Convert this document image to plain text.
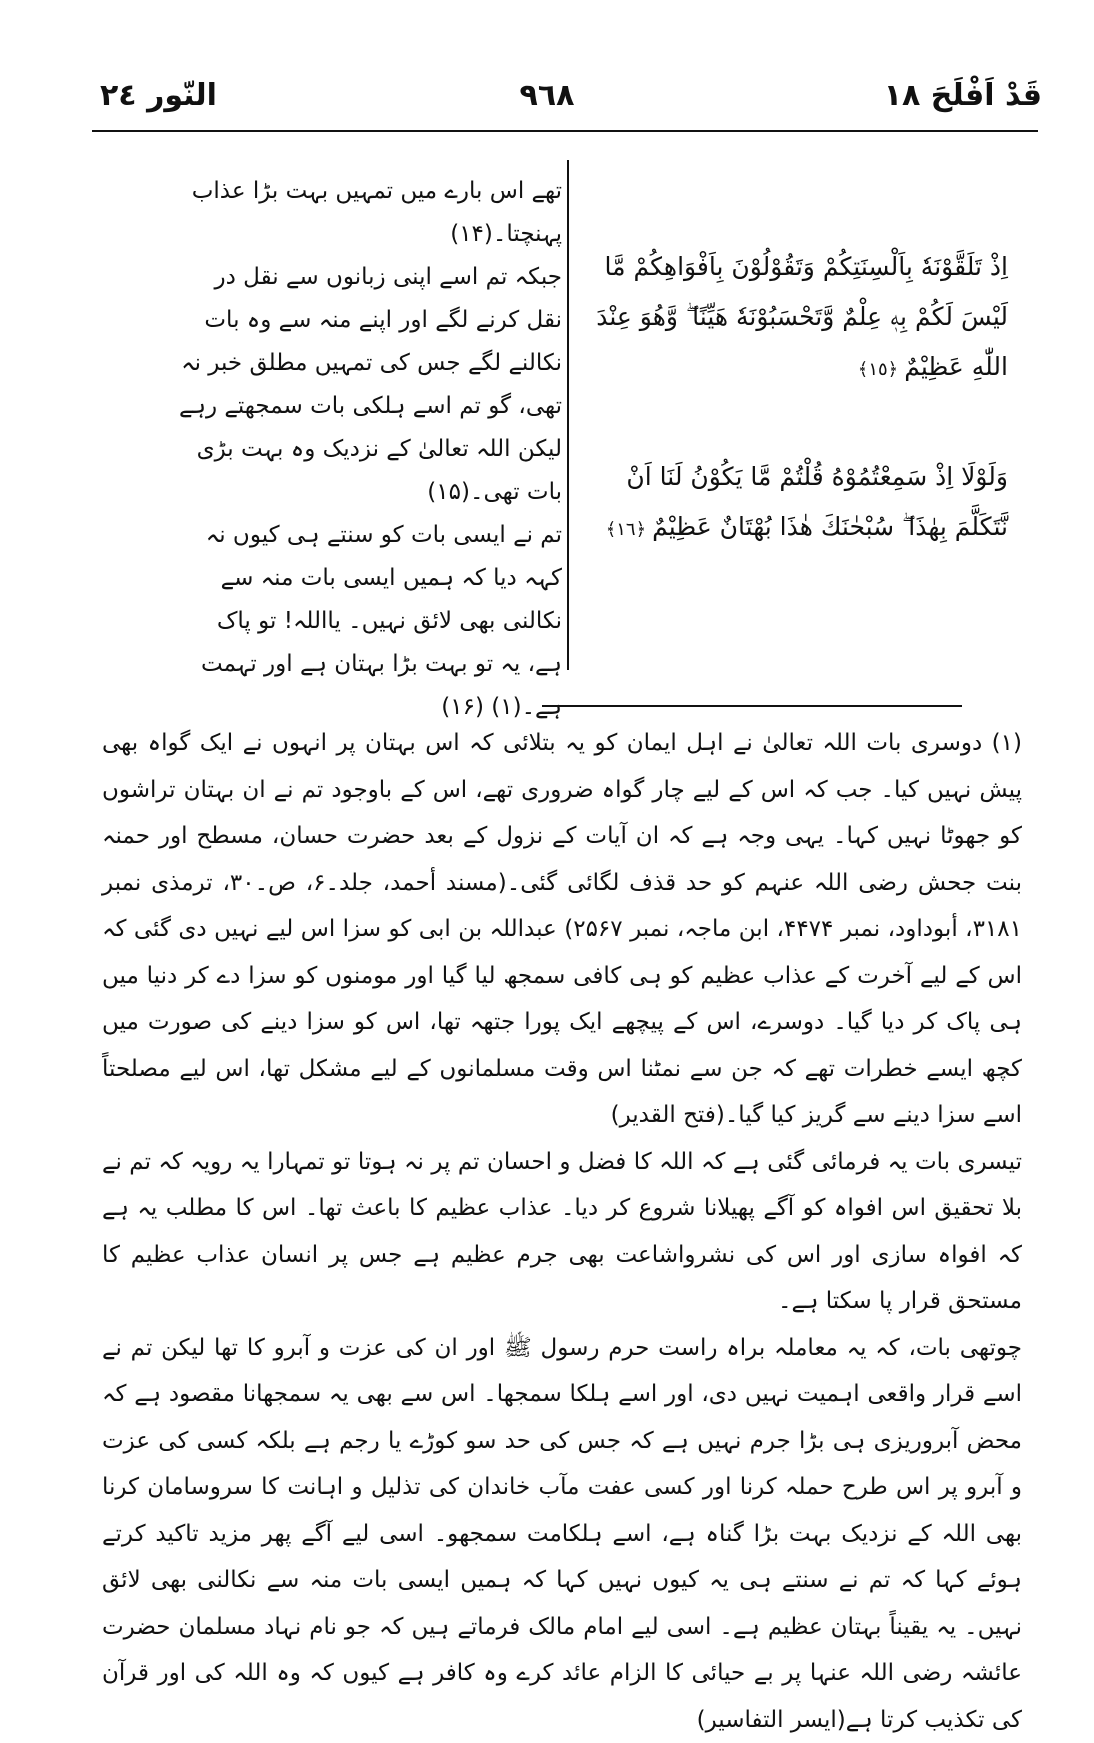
قَدْ اَفْلَحَ ١٨
٩٦٨
النّور ٢٤

اِذْ تَلَقَّوْنَهٗ بِاَلْسِنَتِكُمْ وَتَقُوْلُوْنَ بِاَفْوَاهِكُمْ مَّا لَيْسَ لَكُمْ بِهٖ عِلْمٌ وَّتَحْسَبُوْنَهٗ هَيِّنًا ۖ وَّهُوَ عِنْدَ اللّٰهِ عَظِيْمٌ﴿١٥﴾

وَلَوْلَا اِذْ سَمِعْتُمُوْهُ قُلْتُمْ مَّا يَكُوْنُ لَنَا اَنْ نَّتَكَلَّمَ بِهٰذَا ۖ سُبْحٰنَكَ هٰذَا بُهْتَانٌ عَظِيْمٌ﴿١٦﴾

تھے اس بارے میں تمہیں بہت بڑا عذاب پہنچتا۔(۱۴)

جبکہ تم اسے اپنی زبانوں سے نقل در نقل کرنے لگے اور اپنے منہ سے وہ بات نکالنے لگے جس کی تمہیں مطلق خبر نہ تھی، گو تم اسے ہلکی بات سمجھتے رہے لیکن اللہ تعالیٰ کے نزدیک وہ بہت بڑی بات تھی۔(۱۵)

تم نے ایسی بات کو سنتے ہی کیوں نہ کہہ دیا کہ ہمیں ایسی بات منہ سے نکالنی بھی لائق نہیں۔ یااللہ! تو پاک ہے، یہ تو بہت بڑا بہتان ہے اور تہمت ہے۔(۱) (۱۶)

(۱) دوسری بات اللہ تعالیٰ نے اہل ایمان کو یہ بتلائی کہ اس بہتان پر انہوں نے ایک گواہ بھی پیش نہیں کیا۔ جب کہ اس کے لیے چار گواہ ضروری تھے، اس کے باوجود تم نے ان بہتان تراشوں کو جھوٹا نہیں کہا۔ یہی وجہ ہے کہ ان آیات کے نزول کے بعد حضرت حسان، مسطح اور حمنہ بنت جحش رضی اللہ عنہم کو حد قذف لگائی گئی۔(مسند أحمد، جلد۔۶، ص۔۳۰، ترمذی نمبر ۳۱۸۱، أبوداود، نمبر ۴۴۷۴، ابن ماجہ، نمبر ۲۵۶۷) عبداللہ بن ابی کو سزا اس لیے نہیں دی گئی کہ اس کے لیے آخرت کے عذاب عظیم کو ہی کافی سمجھ لیا گیا اور مومنوں کو سزا دے کر دنیا میں ہی پاک کر دیا گیا۔ دوسرے، اس کے پیچھے ایک پورا جتھہ تھا، اس کو سزا دینے کی صورت میں کچھ ایسے خطرات تھے کہ جن سے نمٹنا اس وقت مسلمانوں کے لیے مشکل تھا، اس لیے مصلحتاً اسے سزا دینے سے گریز کیا گیا۔(فتح القدیر)

تیسری بات یہ فرمائی گئی ہے کہ اللہ کا فضل و احسان تم پر نہ ہوتا تو تمہارا یہ رویہ کہ تم نے بلا تحقیق اس افواہ کو آگے پھیلانا شروع کر دیا۔ عذاب عظیم کا باعث تھا۔ اس کا مطلب یہ ہے کہ افواہ سازی اور اس کی نشرواشاعت بھی جرم عظیم ہے جس پر انسان عذاب عظیم کا مستحق قرار پا سکتا ہے۔

چوتھی بات، کہ یہ معاملہ براہ راست حرم رسول ﷺ اور ان کی عزت و آبرو کا تھا لیکن تم نے اسے قرار واقعی اہمیت نہیں دی، اور اسے ہلکا سمجھا۔ اس سے بھی یہ سمجھانا مقصود ہے کہ محض آبروریزی ہی بڑا جرم نہیں ہے کہ جس کی حد سو کوڑے یا رجم ہے بلکہ کسی کی عزت و آبرو پر اس طرح حملہ کرنا اور کسی عفت مآب خاندان کی تذلیل و اہانت کا سروسامان کرنا بھی اللہ کے نزدیک بہت بڑا گناہ ہے، اسے ہلکامت سمجھو۔ اسی لیے آگے پھر مزید تاکید کرتے ہوئے کہا کہ تم نے سنتے ہی یہ کیوں نہیں کہا کہ ہمیں ایسی بات منہ سے نکالنی بھی لائق نہیں۔ یہ یقیناً بہتان عظیم ہے۔ اسی لیے امام مالک فرماتے ہیں کہ جو نام نہاد مسلمان حضرت عائشہ رضی اللہ عنہا پر بے حیائی کا الزام عائد کرے وہ کافر ہے کیوں کہ وہ اللہ کی اور قرآن کی تکذیب کرتا ہے(ایسر التفاسیر)
